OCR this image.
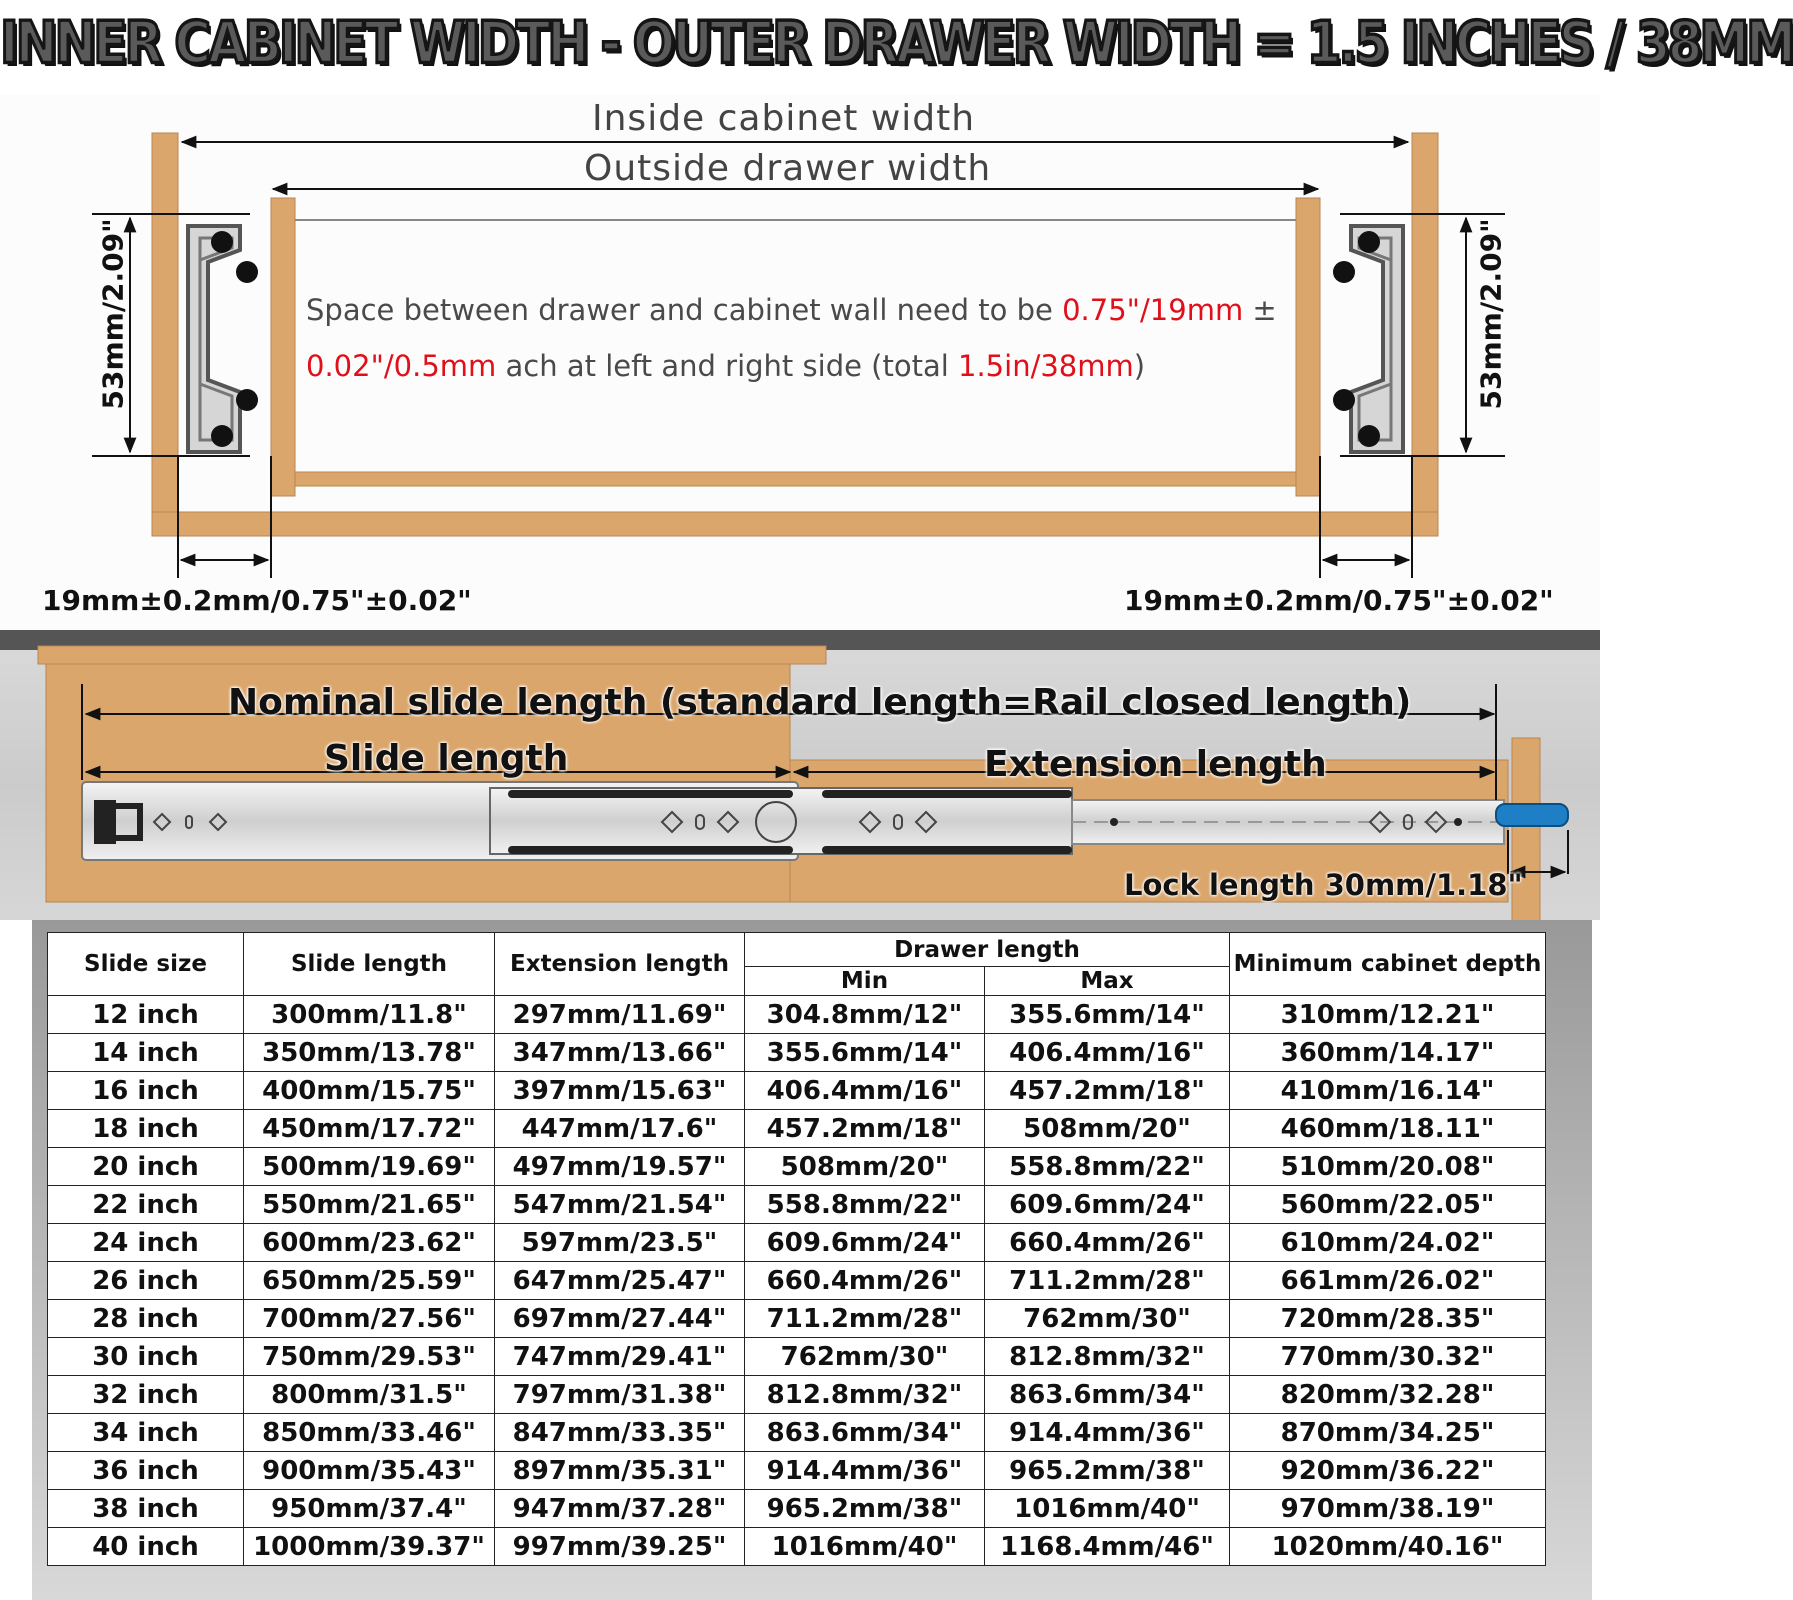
INNER CABINET WIDTH - OUTER DRAWER WIDTH = 1.5 INCHES / 38MM
Inside cabinet width
Outside drawer width
Space between drawer and cabinet wall need to be 0.75"/19mm ± 0.02"/0.5mm ach at left and right side (total 1.5in/38mm)
53mm/2.09"	53mm/2.09"
19mm±0.2mm/0.75"±0.02"	19mm±0.2mm/0.75"±0.02"
Nominal slide length (standard length=Rail closed length)
Slide length	Extension length
Lock length 30mm/1.18"
Slide size	Slide length	Extension length	Drawer length		Minimum cabinet depth
			Min	Max	
12 inch	300mm/11.8"	297mm/11.69"	304.8mm/12"	355.6mm/14"	310mm/12.21"
14 inch	350mm/13.78"	347mm/13.66"	355.6mm/14"	406.4mm/16"	360mm/14.17"
16 inch	400mm/15.75"	397mm/15.63"	406.4mm/16"	457.2mm/18"	410mm/16.14"
18 inch	450mm/17.72"	447mm/17.6"	457.2mm/18"	508mm/20"	460mm/18.11"
20 inch	500mm/19.69"	497mm/19.57"	508mm/20"	558.8mm/22"	510mm/20.08"
22 inch	550mm/21.65"	547mm/21.54"	558.8mm/22"	609.6mm/24"	560mm/22.05"
24 inch	600mm/23.62"	597mm/23.5"	609.6mm/24"	660.4mm/26"	610mm/24.02"
26 inch	650mm/25.59"	647mm/25.47"	660.4mm/26"	711.2mm/28"	661mm/26.02"
28 inch	700mm/27.56"	697mm/27.44"	711.2mm/28"	762mm/30"	720mm/28.35"
30 inch	750mm/29.53"	747mm/29.41"	762mm/30"	812.8mm/32"	770mm/30.32"
32 inch	800mm/31.5"	797mm/31.38"	812.8mm/32"	863.6mm/34"	820mm/32.28"
34 inch	850mm/33.46"	847mm/33.35"	863.6mm/34"	914.4mm/36"	870mm/34.25"
36 inch	900mm/35.43"	897mm/35.31"	914.4mm/36"	965.2mm/38"	920mm/36.22"
38 inch	950mm/37.4"	947mm/37.28"	965.2mm/38"	1016mm/40"	970mm/38.19"
40 inch	1000mm/39.37"	997mm/39.25"	1016mm/40"	1168.4mm/46"	1020mm/40.16"
